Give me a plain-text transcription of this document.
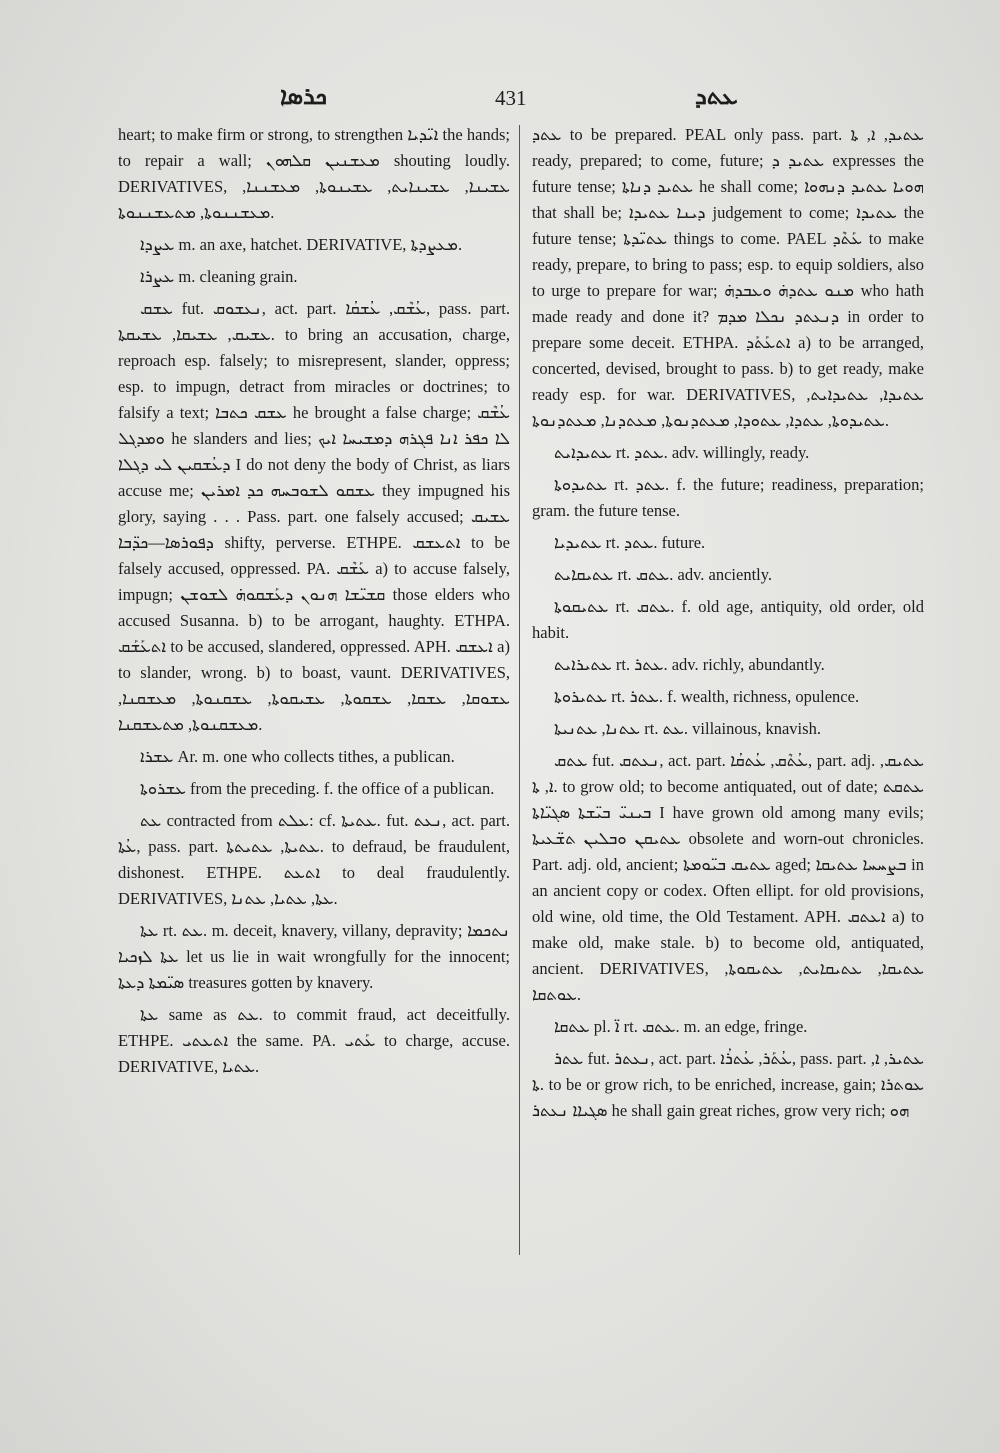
ܟܪܣܐ	431	ܥܬܕ

heart; to make firm or strong, to strengthen ܐܝ̈ܕܝܐ the hands; to repair a wall; ܡܥܫܢܝܢ ܩܠܗܘܢ shouting loudly. DERIVATIVES, ܥܫܝܢܐ, ܥܫܝܢܐܝܬ, ܥܫܝܢܘܬܐ, ܡܥܫܢܢܐ, ܡܥܫܢܢܘܬܐ, ܡܬܥܫܢܢܘܬܐ.

ܥܨܕܐ m. an axe, hatchet. DERIVATIVE, ܡܥܨܕܬܐ.

ܥܨܪܐ m. cleaning grain.

ܥܫܩ fut. ܢܥܫܘܩ, act. part. ܥܳܫܶܩ, ܥܳܫܩܳܐ, pass. part. ܥܫܝܩ, ܥܫܝܩܐ, ܥܫܝܩܬܐ. to bring an accusation, charge, reproach esp. falsely; to misrepresent, slander, oppress; esp. to impugn, detract from miracles or doctrines; to falsify a text; ܥܫܩ ܟܬܒܐ he brought a false charge; ܥܳܫܶܩ ܘܡܕܓܠ he slanders and lies; ܠܐ ܟܦܪ ܐܢܐ ܦܓܪܗ ܕܡܫܝܚܐ ܐܝܟ ܕܥܳܫܩܝܢ ܠܝ ܕܓܠܐ I do not deny the body of Christ, as liars accuse me; ܥܫܩܘ ܠܫܘܒܚܗ ܟܕ ܐܡܪܝܢ they impugned his glory, saying . . . Pass. part. one falsely accused; ܥܫܝܩ ܕܦܘܪܣܐ—ܟܕ̈ܒܐ shifty, perverse. ETHPE. ܐܬܥܫܩ to be falsely accused, oppressed. PA. ܥܰܫܶܩ a) to accuse falsely, impugn; ܩܫܝ̈ܫܐ ܗܢܘܢ ܕܥܰܫܩܘܗ̇ ܠܫܘܫܢ those elders who accused Susanna. b) to be arrogant, haughty. ETHPA. ܐܬܥܰܫܰܩ to be accused, slandered, oppressed. APH. ܐܥܫܩ a) to slander, wrong. b) to boast, vaunt. DERIVATIVES, ܥܫܘܩܐ, ܥܫܩܐ, ܥܫܩܘܬܐ, ܥܫܝܩܘܬܐ, ܥܫܩܢܘܬܐ, ܡܥܫܩܢܐ, ܡܥܫܩܢܘܬܐ, ܡܬܥܫܩܢܐ.

ܥܫܪܐ Ar. m. one who collects tithes, a publican.

ܥܫܪܘܬܐ from the preceding. f. the office of a publican.

ܥܬ contracted from ܥܠܬ: cf. ܥܬܝܬܐ. fut. ܢܥܬ, act. part. ܥܳܬܐ, pass. part. ܥܬܝܬܐ, ܥܬܝܬܬܐ. to defraud, be fraudulent, dishonest. ETHPE. ܐܬܥܬ to deal fraudulently. DERIVATIVES, ܥܬܐ, ܥܬܝܐ, ܥܬܢܐ.

ܥܬܐ rt. ܥܬ. m. deceit, knavery, villany, depravity; ܢܬܟܡܐ ܥܬܐ ܠܙܟܝܐ let us lie in wait wrongfully for the innocent; ܣܝ̈ܡܬܐ ܕܥܬܐ treasures gotten by knavery.

ܥܬܐ same as ܥܬ. to commit fraud, act deceitfully. ETHPE. ܐܬܥܬܝ the same. PA. ܥܰܬܝ to charge, accuse. DERIVATIVE, ܥܬܝܐ.

ܥܬܕ to be prepared. PEAL only pass. part. ܥܬܝܕ, ܐ, ܬܐ ready, prepared; to come, future; ܥܬܝܕ ܕ expresses the future tense; ܥܬܝܕ ܕܢܐܬܐ he shall come; ܗܘܝܐ ܥܬܝܕ ܕܢܗܘܐ that shall be; ܕܝܢܐ ܥܬܝܕܐ judgement to come; ܥܬܝܕܐ the future tense; ܥܬܝ̈ܕܬܐ things to come. PAEL ܥܰܬܶܕ to make ready, prepare, to bring to pass; esp. to equip soldiers, also to urge to prepare for war; ܡܢܘ ܥܬܕܗ̇ ܘܥܒܕܗ̇ who hath made ready and done it? ܕܢܥܬܕ ܢܟܠܐ ܡܕܡ in order to prepare some deceit. ETHPA. ܐܬܥܰܬܰܕ a) to be arranged, concerted, devised, brought to pass. b) to get ready, make ready esp. for war. DERIVATIVES, ܥܬܝܕܐ, ܥܬܝܕܐܝܬ, ܥܬܝܕܘܬܐ, ܥܬܕܐ, ܥܬܘܕܐ, ܡܥܬܕܢܘܬܐ, ܡܥܬܕܢܐ, ܡܥܬܕܢܘܬܐ.

ܥܬܝܕܐܝܬ rt. ܥܬܕ. adv. willingly, ready.

ܥܬܝܕܘܬܐ rt. ܥܬܕ. f. the future; readiness, preparation; gram. the future tense.

ܥܬܝܕܝܐ rt. ܥܬܕ. future.

ܥܬܝܩܐܝܬ rt. ܥܬܩ. adv. anciently.

ܥܬܝܩܘܬܐ rt. ܥܬܩ. f. old age, antiquity, old order, old habit.

ܥܬܝܪܐܝܬ rt. ܥܬܪ. adv. richly, abundantly.

ܥܬܝܪܘܬܐ rt. ܥܬܪ. f. wealth, richness, opulence.

ܥܬܢܐ, ܥܬܢܝܬܐ rt. ܥܬ. villainous, knavish.

ܥܬܩ fut. ܢܥܬܩ, act. part. ܥܳܬܶܩ, ܥܳܬܩܳܐ, part. adj. ܥܬܝܩ, ܐ, ܬܐ. to grow old; to become antiquated, out of date; ܥܬܩܬ ܒܝܢܝ̈ ܒܝ̈ܫܬܐ ܣܓܝ̈ܐܬܐ I have grown old among many evils; ܥܬܝܩܢ ܘܒܠܝܢ ܬܫ̈ܥܝܬܐ obsolete and worn-out chronicles. Part. adj. old, ancient; ܥܬܝܩ ܒܝ̈ܘܡܬܐ aged; ܒܨܚܚܐ ܥܬܝܩܐ in an ancient copy or codex. Often ellipt. for old provisions, old wine, old time, the Old Testament. APH. ܐܥܬܩ a) to make old, make stale. b) to become old, antiquated, ancient. DERIVATIVES, ܥܬܝܩܐ, ܥܬܝܩܐܝܬ, ܥܬܝܩܘܬܐ, ܥܘܬܩܐ.

ܥܬܩܐ pl. ܐ̈ rt. ܥܬܩ. m. an edge, fringe.

ܥܬܪ fut. ܢܥܬܪ, act. part. ܥܳܬܰܪ, ܥܳܬܪܳܐ, pass. part. ܥܬܝܪ, ܐ, ܬܐ. to be or grow rich, to be enriched, increase, gain; ܥܘܬܪܐ ܣܓܝܐܐ ܢܥܬܪ he shall gain great riches, grow very rich; ܗܘ
